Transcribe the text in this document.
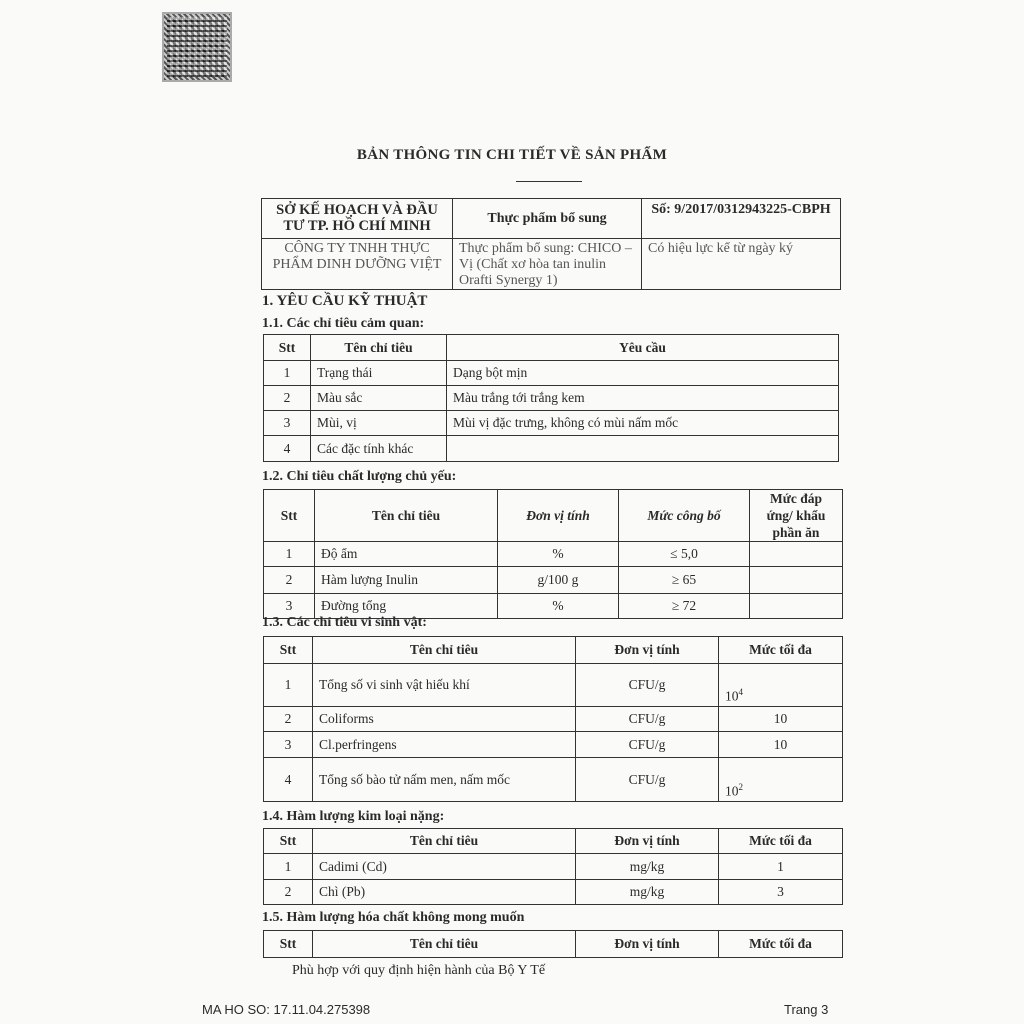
BẢN THÔNG TIN CHI TIẾT VỀ SẢN PHẨM
SỞ KẾ HOẠCH VÀ ĐẦU TƯ TP. HỒ CHÍ MINH	Thực phẩm bổ sung	Số: 9/2017/0312943225-CBPH
CÔNG TY TNHH THỰC PHẨM DINH DƯỠNG VIỆT	Thực phẩm bổ sung: CHICO – Vị (Chất xơ hòa tan inulin Orafti Synergy 1)	Có hiệu lực kể từ ngày ký
1. YÊU CẦU KỸ THUẬT
1.1. Các chỉ tiêu cảm quan:
Stt	Tên chỉ tiêu	Yêu cầu
1	Trạng thái	Dạng bột mịn
2	Màu sắc	Màu trắng tới trắng kem
3	Mùi, vị	Mùi vị đặc trưng, không có mùi nấm mốc
4	Các đặc tính khác	
1.2. Chỉ tiêu chất lượng chủ yếu:
Stt	Tên chỉ tiêu	Đơn vị tính	Mức công bố	Mức đáp ứng/ khẩu phần ăn
1	Độ ẩm	%	≤ 5,0	
2	Hàm lượng Inulin	g/100 g	≥ 65	
3	Đường tổng	%	≥ 72	
1.3. Các chỉ tiêu vi sinh vật:
Stt	Tên chỉ tiêu	Đơn vị tính	Mức tối đa
1	Tổng số vi sinh vật hiếu khí	CFU/g	$10^4$
2	Coliforms	CFU/g	10
3	Cl.perfringens	CFU/g	10
4	Tổng số bào tử nấm men, nấm mốc	CFU/g	$10^2$
1.4. Hàm lượng kim loại nặng:
Stt	Tên chỉ tiêu	Đơn vị tính	Mức tối đa
1	Cadimi (Cd)	mg/kg	1
2	Chì (Pb)	mg/kg	3
1.5. Hàm lượng hóa chất không mong muốn
Stt	Tên chỉ tiêu	Đơn vị tính	Mức tối đa
Phù hợp với quy định hiện hành của Bộ Y Tế
MA HO SO: 17.11.04.275398	Trang 3
